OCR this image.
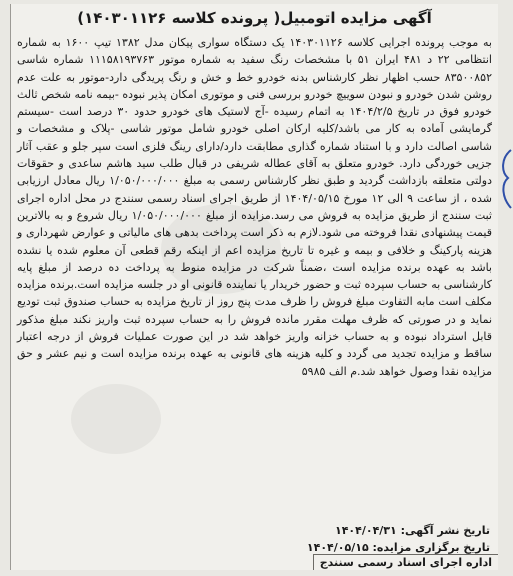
آگهی مزایده اتومبیل( پرونده کلاسه ۱۴۰۳۰۱۱۲۶)

به موجب پرونده اجرایی کلاسه ۱۴۰۳۰۱۱۲۶ یک دستگاه سواری پیکان مدل ۱۳۸۲ تیپ ۱۶۰۰ به شماره انتظامی ۲۲ د ۴۸۱ ایران ۵۱ با مشخصات رنگ سفید به شماره موتور ۱۱۱۵۸۱۹۳۷۶۳ شماره شاسی ۸۳۵۰۰۸۵۲ حسب اظهار نظر کارشناس بدنه خودرو خط و خش و رنگ پریدگی دارد-موتور به علت عدم روشن شدن خودرو و نبودن سوییچ خودرو بررسی فنی و موتوری امکان پذیر نبوده -بیمه نامه شخص ثالث خودرو فوق در تاریخ ۱۴۰۴/۲/۵ به اتمام رسیده -آج لاستیک های خودرو حدود ۳۰ درصد است -سیستم گرمایشی آماده به کار می باشد/کلیه ارکان اصلی خودرو شامل موتور شاسی -پلاک و مشخصات و شاسی اصالت دارد و با استناد شماره گذاری مطابقت دارد/دارای رینگ فلزی است سپر جلو و عقب آثار جزیی خوردگی دارد. خودرو متعلق به آقای عطاله شریفی در قبال طلب سید هاشم ساعدی و حقوقات دولتی متعلقه بازداشت گردید و طبق نظر کارشناس رسمی به مبلغ ۱/۰۵۰/۰۰۰/۰۰۰ ریال معادل ارزیابی شده ، از ساعت ۹ الی ۱۲ مورخ ۱۴۰۴/۰۵/۱۵ از طریق اجرای اسناد رسمی سنندج در محل اداره اجرای ثبت سنندج از طریق مزایده به فروش می رسد.مزایده از مبلغ ۱/۰۵۰/۰۰۰/۰۰۰ ریال شروع و به بالاترین قیمت پیشنهادی نقدا فروخته می شود.لازم به ذکر است پرداخت بدهی های مالیاتی و عوارض شهرداری و هزینه پارکینگ و خلافی و بیمه و غیره تا تاریخ مزایده اعم از اینکه رقم قطعی آن معلوم شده یا نشده باشد به عهده برنده مزایده است ،ضمناً شرکت در مزایده منوط به پرداخت ده درصد از مبلغ پایه کارشناسی به حساب سپرده ثبت و حضور خریدار یا نماینده قانونی او در جلسه مزایده است.برنده مزایده مکلف است مابه التفاوت مبلغ فروش را ظرف مدت پنج روز از تاریخ مزایده به حساب صندوق ثبت تودیع نماید و در صورتی که ظرف مهلت مقرر مانده فروش را به حساب سپرده ثبت واریز نکند مبلغ مذکور قابل استرداد نبوده و به حساب خزانه واریز خواهد شد در این صورت عملیات فروش از درجه اعتبار ساقط و مزایده تجدید می گردد و کلیه هزینه های قانونی به عهده برنده مزایده است و نیم عشر و حق مزایده نقدا وصول خواهد شد.م الف ۵۹۸۵

تاریخ نشر آگهی: ۱۴۰۴/۰۴/۳۱
تاریخ برگزاری مزایده: ۱۴۰۴/۰۵/۱۵
اداره اجرای اسناد رسمی سنندج
